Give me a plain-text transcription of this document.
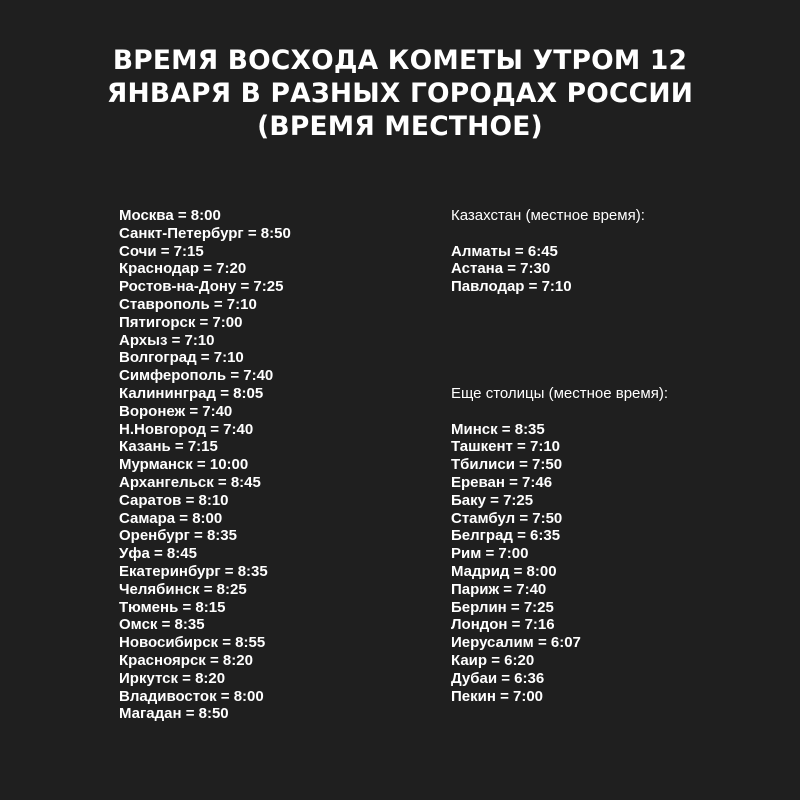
ВРЕМЯ ВОСХОДА КОМЕТЫ УТРОМ 12
ЯНВАРЯ В РАЗНЫХ ГОРОДАХ РОССИИ
(ВРЕМЯ МЕСТНОЕ)
Москва = 8:00
Санкт-Петербург = 8:50
Сочи = 7:15
Краснодар = 7:20
Ростов-на-Дону = 7:25
Ставрополь = 7:10
Пятигорск = 7:00
Архыз = 7:10
Волгоград = 7:10
Симферополь = 7:40
Калининград = 8:05
Воронеж = 7:40
Н.Новгород = 7:40
Казань = 7:15
Мурманск = 10:00
Архангельск = 8:45
Саратов = 8:10
Самара = 8:00
Оренбург = 8:35
Уфа = 8:45
Екатеринбург = 8:35
Челябинск = 8:25
Тюмень = 8:15
Омск = 8:35
Новосибирск = 8:55
Красноярск = 8:20
Иркутск = 8:20
Владивосток = 8:00
Магадан = 8:50
Казахстан (местное время):
Алматы = 6:45
Астана = 7:30
Павлодар = 7:10
Еще столицы (местное время):
Минск = 8:35
Ташкент = 7:10
Тбилиси = 7:50
Ереван = 7:46
Баку = 7:25
Стамбул = 7:50
Белград = 6:35
Рим = 7:00
Мадрид = 8:00
Париж = 7:40
Берлин = 7:25
Лондон = 7:16
Иерусалим = 6:07
Каир = 6:20
Дубаи = 6:36
Пекин = 7:00
